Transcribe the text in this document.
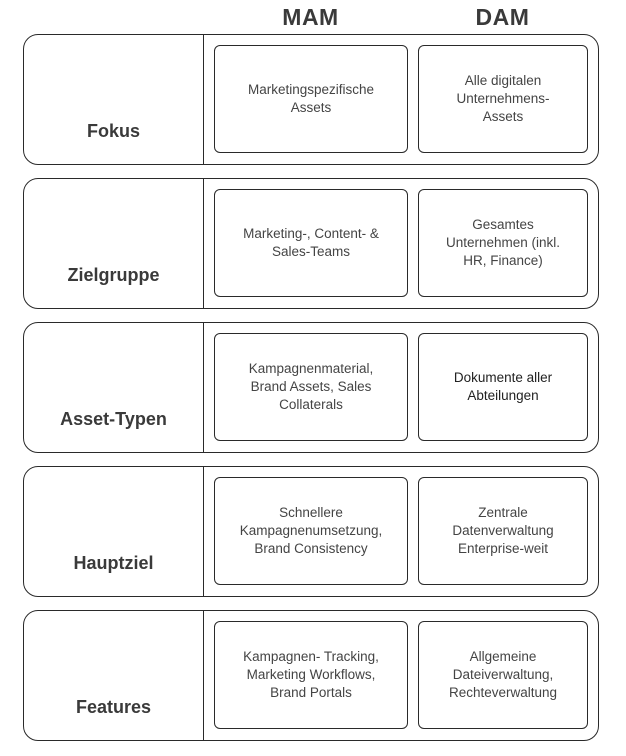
MAM	DAM
Fokus
Marketingspezifische Assets
Alle digitalen Unternehmens- Assets
Zielgruppe
Marketing-, Content- & Sales-Teams
Gesamtes Unternehmen (inkl. HR, Finance)
Asset-Typen
Kampagnenmaterial, Brand Assets, Sales Collaterals
Dokumente aller Abteilungen
Hauptziel
Schnellere Kampagnenumsetzung, Brand Consistency
Zentrale Datenverwaltung Enterprise-weit
Features
Kampagnen- Tracking, Marketing Workflows, Brand Portals
Allgemeine Dateiverwaltung, Rechteverwaltung
